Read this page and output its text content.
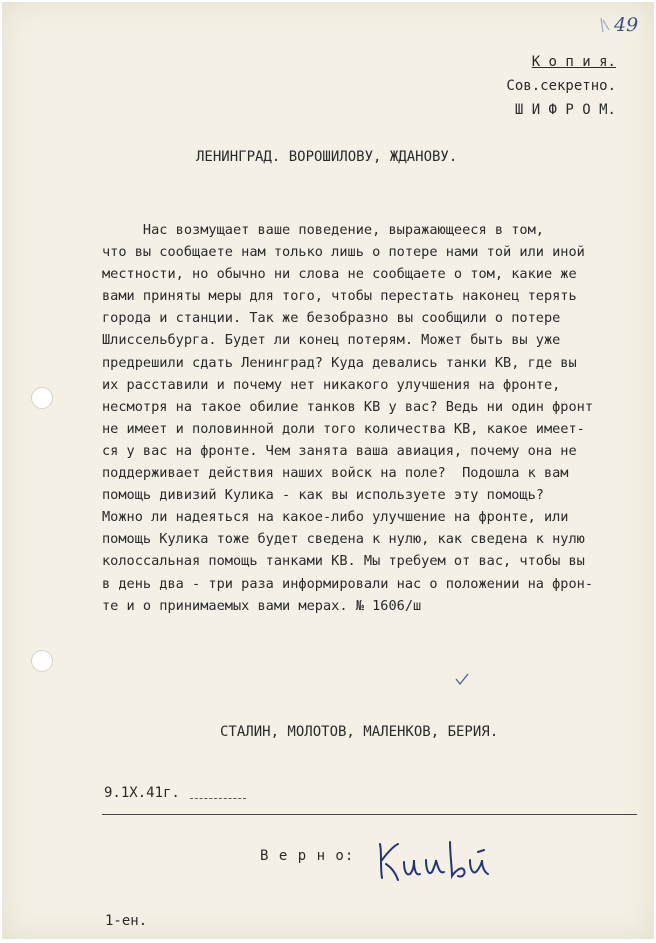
49
К о п и я.
Сов.секретно.
Ш И Ф Р О М.
ЛЕНИНГРАД. ВОРОШИЛОВУ, ЖДАНОВУ.
Нас возмущает ваше поведение, выражающееся в том,
что вы сообщаете нам только лишь о потере нами той или иной
местности, но обычно ни слова не сообщаете о том, какие же
вами приняты меры для того, чтобы перестать наконец терять
города и станции. Так же безобразно вы сообщили о потере
Шлиссельбурга. Будет ли конец потерям. Может быть вы уже
предрешили сдать Ленинград? Куда девались танки КВ, где вы
их расставили и почему нет никакого улучшения на фронте,
несмотря на такое обилие танков КВ у вас? Ведь ни один фронт
не имеет и половинной доли того количества КВ, какое имеет-
ся у вас на фронте. Чем занята ваша авиация, почему она не
поддерживает действия наших войск на поле?  Подошла к вам
помощь дивизий Кулика - как вы используете эту помощь?
Можно ли надеяться на какое-либо улучшение на фронте, или
помощь Кулика тоже будет сведена к нулю, как сведена к нулю
колоссальная помощь танками КВ. Мы требуем от вас, чтобы вы
в день два - три раза информировали нас о положении на фрон-
те и о принимаемых вами мерах. № 1606/ш
СТАЛИН, МОЛОТОВ, МАЛЕНКОВ, БЕРИЯ.
9.1Х.41г.
В е р н о:
1-ен.
